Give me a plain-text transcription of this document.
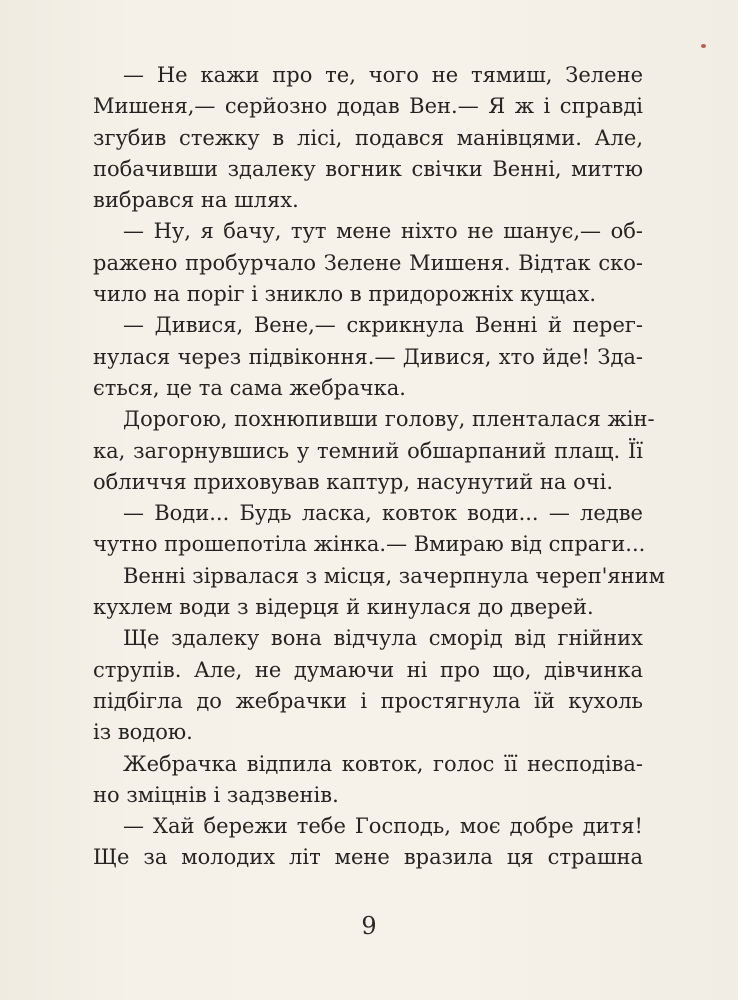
— Не кажи про те, чого не тямиш, Зелене
Мишеня,— серйозно додав Вен.— Я ж і справді
згубив стежку в лісі, подався манівцями. Але,
побачивши здалеку вогник свічки Венні, миттю
вибрався на шлях.
— Ну, я бачу, тут мене ніхто не шанує,— об-
ражено пробурчало Зелене Мишеня. Відтак ско-
чило на поріг і зникло в придорожніх кущах.
— Дивися, Вене,— скрикнула Венні й перег-
нулася через підвіконня.— Дивися, хто йде! Зда-
ється, це та сама жебрачка.
Дорогою, похнюпивши голову, плентaлася жін-
ка, загорнувшись у темний обшарпаний плащ. Її
обличчя приховував каптур, насунутий на очі.
— Води... Будь ласка, ковток води... — ледве
чутно прошепотіла жінка.— Вмираю від спраги...
Венні зірвалася з місця, зачерпнула череп'яним
кухлем води з відерця й кинулася до дверей.
Ще здалеку вона відчула сморід від гнійних
струпів. Але, не думаючи ні про що, дівчинка
підбігла до жебрачки і простягнула їй кухоль
із водою.
Жебрачка відпила ковток, голос її несподіва-
но зміцнів і задзвенів.
— Хай бережи тебе Господь, моє добре дитя!
Ще за молодих літ мене вразила ця страшна
9
